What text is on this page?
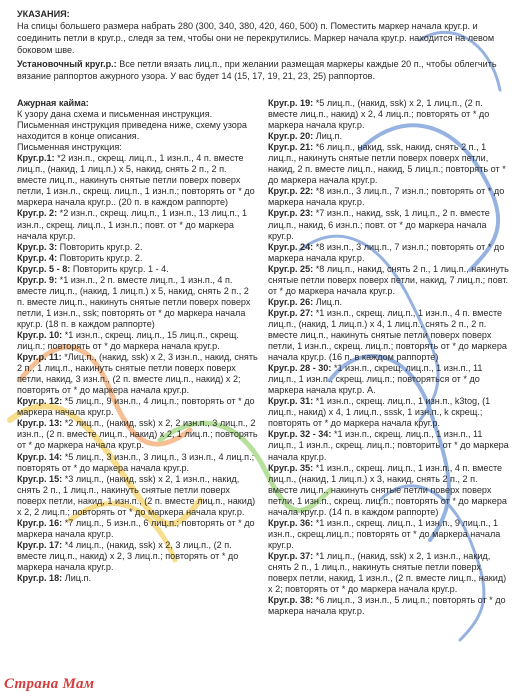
УКАЗАНИЯ:

На спицы большего размера набрать 280 (300, 340, 380, 420, 460, 500) п. Поместить маркер начала круг.р. и соединить петли в круг.р., следя за тем, чтобы они не перекрутились. Маркер начала круг.р. находится на левом боковом шве.

Установочный круг.р.: Все петли вязать лиц.п., при желании размещая маркеры каждые 20 п., чтобы облегчить вязание раппортов ажурного узора. У вас будет 14 (15, 17, 19, 21, 23, 25) раппортов.

Ажурная кайма:

К узору дана схема и письменная инструкция. Письменная инструкция приведена ниже, схему узора находится в конце описания.

Письменная инструкция:

Круг.р.1: *2 изн.п., скрещ. лиц.п., 1 изн.п., 4 п. вместе лиц.п., (накид, 1 лиц.п.) x 5, накид, снять 2 п., 2 п. вместе лиц.п., накинуть снятые петли поверх поверх петли, 1 изн.п., скрещ. лиц.п., 1 изн.п.; повторять от * до маркера начала круг.р.. (20 п. в каждом раппорте)

Круг.р. 2: *2 изн.п., скрещ. лиц.п., 1 изн.п., 13 лиц.п., 1 изн.п., скрещ. лиц.п., 1 изн.п.; повт. от * до маркера начала круг.р.

Круг.р. 3: Повторить круг.р. 2.

Круг.р. 4: Повторить круг.р. 2.

Круг.р. 5 - 8: Повторить круг.р. 1 - 4.

Круг.р. 9: *1 изн.п., 2 п. вместе лиц.п., 1 изн.п., 4 п. вместе лиц.п., (накид, 1 лиц.п.) x 5, накид, снять 2 п., 2 п. вместе лиц.п., накинуть снятые петли поверх поверх петли, 1 изн.п., ssk; повторять от * до маркера начала круг.р. (18 п. в каждом раппорте)

Круг.р. 10: *1 изн.п., скрещ. лиц.п., 15 лиц.п., скрещ. лиц.п.; повторять от * до маркера начала круг.р.

Круг.р. 11: *Лиц.п., (накид, ssk) x 2, 3 изн.п., накид, снять 2 п., 1 лиц.п., накинуть снятые петли поверх поверх петли, накид, 3 изн.п., (2 п. вместе лиц.п., накид) x 2; повторять от * до маркера начала круг.р.

Круг.р. 12: *5 лиц.п., 9 изн.п., 4 лиц.п.; повторять от * до маркера начала круг.р.

Круг.р. 13: *2 лиц.п., (накид, ssk) x 2, 2 изн.п., 3 лиц.п., 2 изн.п., (2 п. вместе лиц.п., накид) x 2, 1 лиц.п.; повторять от * до маркера начала круг.р.

Круг.р. 14: *5 лиц.п., 3 изн.п., 3 лиц.п., 3 изн.п., 4 лиц.п.; повторять от * до маркера начала круг.р.

Круг.р. 15: *3 лиц.п., (накид, ssk) x 2, 1 изн.п., накид, снять 2 п., 1 лиц.п., накинуть снятые петли поверх поверх петли, накид, 1 изн.п., (2 п. вместе лиц.п., накид) x 2, 2 лиц.п.; повторять от * до маркера начала круг.р.

Круг.р. 16: *7 лиц.п., 5 изн.п., 6 лиц.п.; повторять от * до маркера начала круг.р.

Круг.р. 17: *4 лиц.п., (накид, ssk) x 2, 3 лиц.п., (2 п. вместе лиц.п., накид) x 2, 3 лиц.п.; повторять от * до маркера начала круг.р.

Круг.р. 18: Лиц.п.

Круг.р. 19: *5 лиц.п., (накид, ssk) x 2, 1 лиц.п., (2 п. вместе лиц.п., накид) x 2, 4 лиц.п.; повторять от * до маркера начала круг.р.

Круг.р. 20: Лиц.п.

Круг.р. 21: *6 лиц.п., накид, ssk, накид, снять 2 п., 1 лиц.п., накинуть снятые петли поверх поверх петли, накид, 2 п. вместе лиц.п., накид, 5 лиц.п.; повторять от * до маркера начала круг.р.

Круг.р. 22: *8 изн.п., 3 лиц.п., 7 изн.п.; повторять от * до маркера начала круг.р.

Круг.р. 23: *7 изн.п., накид, ssk, 1 лиц.п., 2 п. вместе лиц.п., накид, 6 изн.п.; повт. от * до маркера начала круг.р.

Круг.р. 24: *8 изн.п., 3 лиц.п., 7 изн.п.; повторять от * до маркера начала круг.р.

Круг.р. 25: *8 лиц.п., накид, снять 2 п., 1 лиц.п., накинуть снятые петли поверх поверх петли, накид, 7 лиц.п.; повт. от * до маркера начала круг.р.

Круг.р. 26: Лиц.п.

Круг.р. 27: *1 изн.п., скрещ. лиц.п., 1 изн.п., 4 п. вместе лиц.п., (накид, 1 лиц.п.) x 4, 1 лиц.п., снять 2 п., 2 п. вместе лиц.п., накинуть снятые петли поверх поверх петли, 1 изн.п., скрещ. лиц.п.; повторять от * до маркера начала круг.р. (16 п. в каждом раппорте)

Круг.р. 28 - 30: *1 изн.п., скрещ. лиц.п., 1 изн.п., 11 лиц.п., 1 изн.п., скрещ. лиц.п.; повторяться от * до маркера начала круг.р. А.

Круг.р. 31: *1 изн.п., скрещ. лиц.п., 1 изн.п., k3tog, (1 лиц.п., накид) x 4, 1 лиц.п., sssk, 1 изн.п., k скрещ.; повторять от * до маркера начала круг.р.

Круг.р. 32 - 34: *1 изн.п., скрещ. лиц.п., 1 изн.п., 11 лиц.п., 1 изн.п., скрещ. лиц.п.; повторить от * до маркера начала круг.р.

Круг.р. 35: *1 изн.п., скрещ. лиц.п., 1 изн.п., 4 п. вместе лиц.п., (накид, 1 лиц.п.) x 3, накид, снять 2 п., 2 п. вместе лиц.п., накинуть снятые петли поверх поверх петли, 1 изн.п., скрещ. лиц.п.; повторять от * до маркера начала круг.р. (14 п. в каждом раппорте)

Круг.р. 36: *1 изн.п., скрещ. лиц.п., 1 изн.п., 9 лиц.п., 1 изн.п., скрещ.лиц.п.; повторять от * до маркера начала круг.р.

Круг.р. 37: *1 лиц.п., (накид, ssk) x 2, 1 изн.п., накид, снять 2 п., 1 лиц.п., накинуть снятые петли поверх поверх петли, накид, 1 изн.п., (2 п. вместе лиц.п., накид) x 2; повторять от * до маркера начала круг.р.

Круг.р. 38: *6 лиц.п., 3 изн.п., 5 лиц.п.; повторять от * до маркера начала круг.р.

Страна Мам
